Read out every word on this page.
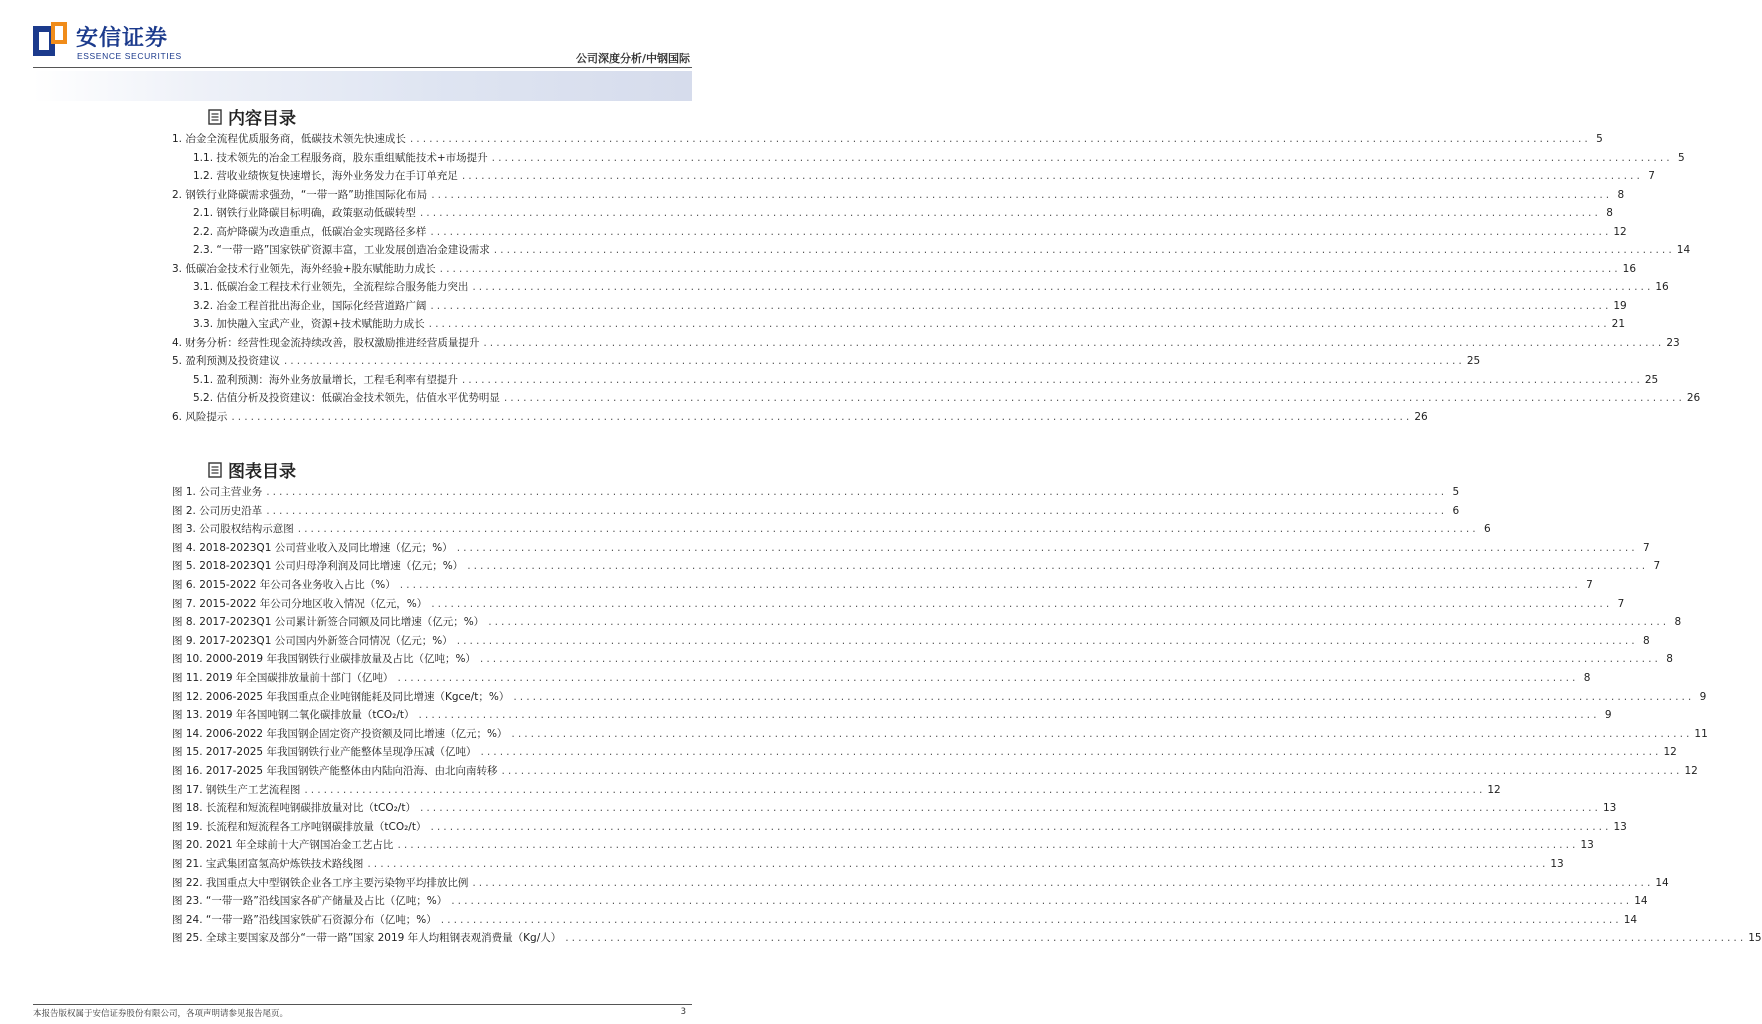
安信证券
ESSENCE SECURITIES	公司深度分析/中钢国际
内容目录
1. 冶金全流程优质服务商，低碳技术领先快速成长 .....	5
1.1. 技术领先的冶金工程服务商，股东重组赋能技术+市场提升 .....	5
1.2. 营收业绩恢复快速增长，海外业务发力在手订单充足 .....	7
2. 钢铁行业降碳需求强劲，“一带一路”助推国际化布局 .....	8
2.1. 钢铁行业降碳目标明确，政策驱动低碳转型 .....	8
2.2. 高炉降碳为改造重点，低碳冶金实现路径多样 .....	12
2.3. “一带一路”国家铁矿资源丰富，工业发展创造冶金建设需求 .....	14
3. 低碳冶金技术行业领先，海外经验+股东赋能助力成长 .....	16
3.1. 低碳冶金工程技术行业领先，全流程综合服务能力突出 .....	16
3.2. 冶金工程首批出海企业，国际化经营道路广阔 .....	19
3.3. 加快融入宝武产业，资源+技术赋能助力成长 .....	21
4. 财务分析：经营性现金流持续改善，股权激励推进经营质量提升 .....	23
5. 盈利预测及投资建议 .....	25
5.1. 盈利预测：海外业务放量增长，工程毛利率有望提升 .....	25
5.2. 估值分析及投资建议：低碳冶金技术领先，估值水平优势明显 .....	26
6. 风险提示 .....	26
图表目录
图 1. 公司主营业务 .....	5
图 2. 公司历史沿革 .....	6
图 3. 公司股权结构示意图 .....	6
图 4. 2018-2023Q1 公司营业收入及同比增速（亿元；%） .....	7
图 5. 2018-2023Q1 公司归母净利润及同比增速（亿元；%） .....	7
图 6. 2015-2022 年公司各业务收入占比（%） .....	7
图 7. 2015-2022 年公司分地区收入情况（亿元，%） .....	7
图 8. 2017-2023Q1 公司累计新签合同额及同比增速（亿元；%） .....	8
图 9. 2017-2023Q1 公司国内外新签合同情况（亿元；%） .....	8
图 10. 2000-2019 年我国钢铁行业碳排放量及占比（亿吨；%） .....	8
图 11. 2019 年全国碳排放量前十部门（亿吨） .....	8
图 12. 2006-2025 年我国重点企业吨钢能耗及同比增速（Kgce/t；%） .....	9
图 13. 2019 年各国吨钢二氧化碳排放量（tCO₂/t） .....	9
图 14. 2006-2022 年我国钢企固定资产投资额及同比增速（亿元；%） .....	11
图 15. 2017-2025 年我国钢铁行业产能整体呈现净压减（亿吨） .....	12
图 16. 2017-2025 年我国钢铁产能整体由内陆向沿海、由北向南转移 .....	12
图 17. 钢铁生产工艺流程图 .....	12
图 18. 长流程和短流程吨钢碳排放量对比（tCO₂/t） .....	13
图 19. 长流程和短流程各工序吨钢碳排放量（tCO₂/t） .....	13
图 20. 2021 年全球前十大产钢国冶金工艺占比 .....	13
图 21. 宝武集团富氢高炉炼铁技术路线图 .....	13
图 22. 我国重点大中型钢铁企业各工序主要污染物平均排放比例 .....	14
图 23. “一带一路”沿线国家各矿产储量及占比（亿吨；%） .....	14
图 24. “一带一路”沿线国家铁矿石资源分布（亿吨；%） .....	14
图 25. 全球主要国家及部分“一带一路”国家 2019 年人均粗钢表观消费量（Kg/人） .....	15
本报告版权属于安信证券股份有限公司，各项声明请参见报告尾页。	3
